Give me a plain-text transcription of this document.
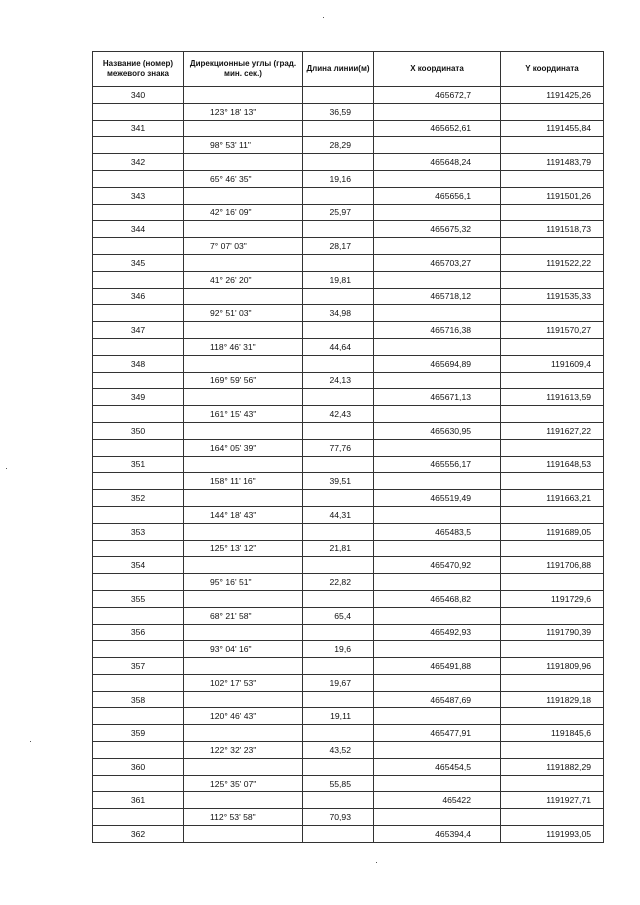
Название (номер) межевого знака	Дирекционные углы (град. мин. сек.)	Длина линии(м)	X координата	Y координата
340			465672,7	1191425,26
	123° 18' 13"	36,59		
341			465652,61	1191455,84
	98° 53' 11"	28,29		
342			465648,24	1191483,79
	65° 46' 35"	19,16		
343			465656,1	1191501,26
	42° 16' 09"	25,97		
344			465675,32	1191518,73
	7° 07' 03"	28,17		
345			465703,27	1191522,22
	41° 26' 20"	19,81		
346			465718,12	1191535,33
	92° 51' 03"	34,98		
347			465716,38	1191570,27
	118° 46' 31"	44,64		
348			465694,89	1191609,4
	169° 59' 56"	24,13		
349			465671,13	1191613,59
	161° 15' 43"	42,43		
350			465630,95	1191627,22
	164° 05' 39"	77,76		
351			465556,17	1191648,53
	158° 11' 16"	39,51		
352			465519,49	1191663,21
	144° 18' 43"	44,31		
353			465483,5	1191689,05
	125° 13' 12"	21,81		
354			465470,92	1191706,88
	95° 16' 51"	22,82		
355			465468,82	1191729,6
	68° 21' 58"	65,4		
356			465492,93	1191790,39
	93° 04' 16"	19,6		
357			465491,88	1191809,96
	102° 17' 53"	19,67		
358			465487,69	1191829,18
	120° 46' 43"	19,11		
359			465477,91	1191845,6
	122° 32' 23"	43,52		
360			465454,5	1191882,29
	125° 35' 07"	55,85		
361			465422	1191927,71
	112° 53' 58"	70,93		
362			465394,4	1191993,05
